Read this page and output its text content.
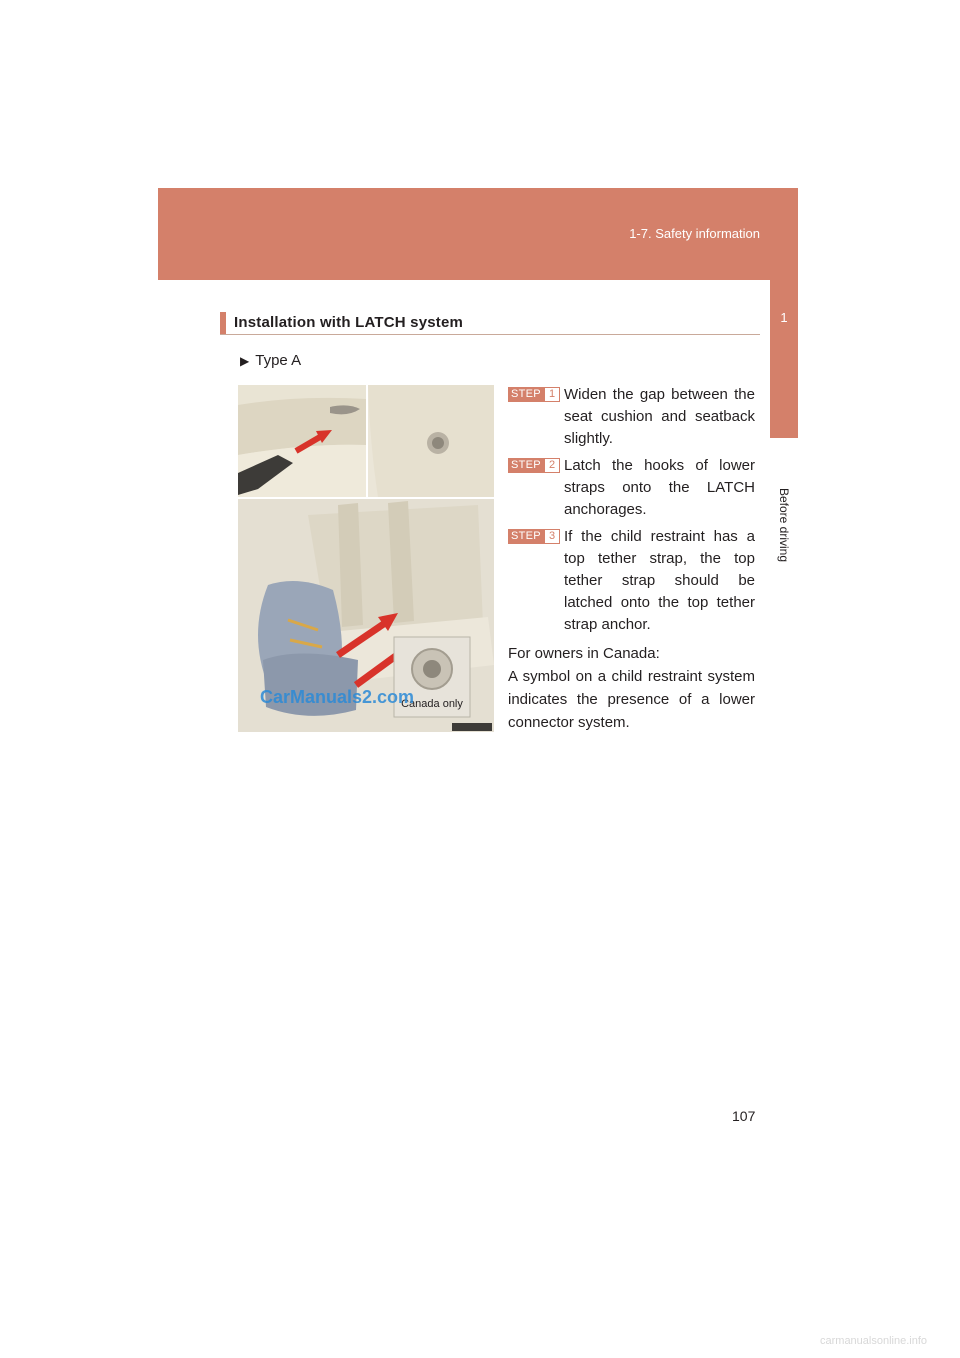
1-7. Safety information
1
Before driving
Installation with LATCH system
▶ Type A
Canada only
CarManuals2.com
STEP 1 Widen the gap between the seat cushion and seatback slightly.
STEP 2 Latch the hooks of lower straps onto the LATCH anchorages.
STEP 3 If the child restraint has a top tether strap, the top tether strap should be latched onto the top tether strap anchor.
For owners in Canada:
A symbol on a child restraint system indicates the presence of a lower connector system.
107
carmanualsonline.info
